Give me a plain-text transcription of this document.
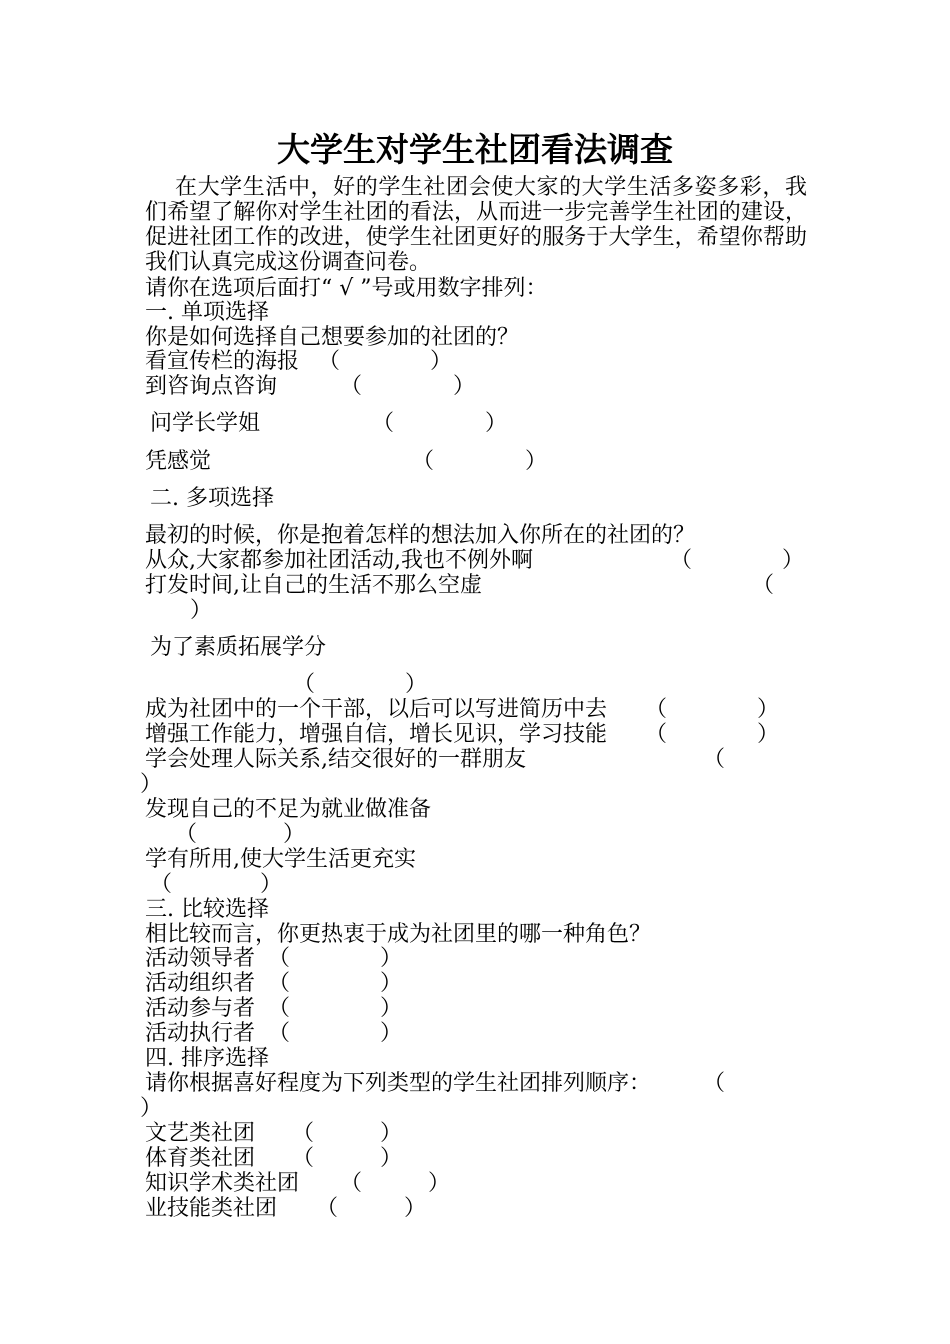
大学生对学生社团看法调查
在大学生活中，好的学生社团会使大家的大学生活多姿多彩，我们希望了解你对学生社团的看法，从而进一步完善学生社团的建设，促进社团工作的改进，使学生社团更好的服务于大学生，希望你帮助我们认真完成这份调查问卷。
请你在选项后面打“ √ ”号或用数字排列：
一. 单项选择
你是如何选择自己想要参加的社团的？
看宣传栏的海报 （	）
到咨询点咨询	（	）
问学长学姐	（	）
凭感觉	（	）
二. 多项选择
最初的时候，你是抱着怎样的想法加入你所在的社团的？
从众,大家都参加社团活动,我也不例外啊	（	）
打发时间,让自己的生活不那么空虚	（
）
为了素质拓展学分
（	）
成为社团中的一个干部，以后可以写进简历中去 （	）
增强工作能力，增强自信，增长见识，学习技能 （	）
学会处理人际关系,结交很好的一群朋友	（
）
发现自己的不足为就业做准备
（	）
学有所用,使大学生活更充实
（	）
三. 比较选择
相比较而言，你更热衷于成为社团里的哪一种角色？
活动领导者 （	）
活动组织者 （	）
活动参与者 （	）
活动执行者 （	）
四. 排序选择
请你根据喜好程度为下列类型的学生社团排列顺序： （
）
文艺类社团 （	）
体育类社团 （	）
知识学术类社团 （	）
业技能类社团 （	）
